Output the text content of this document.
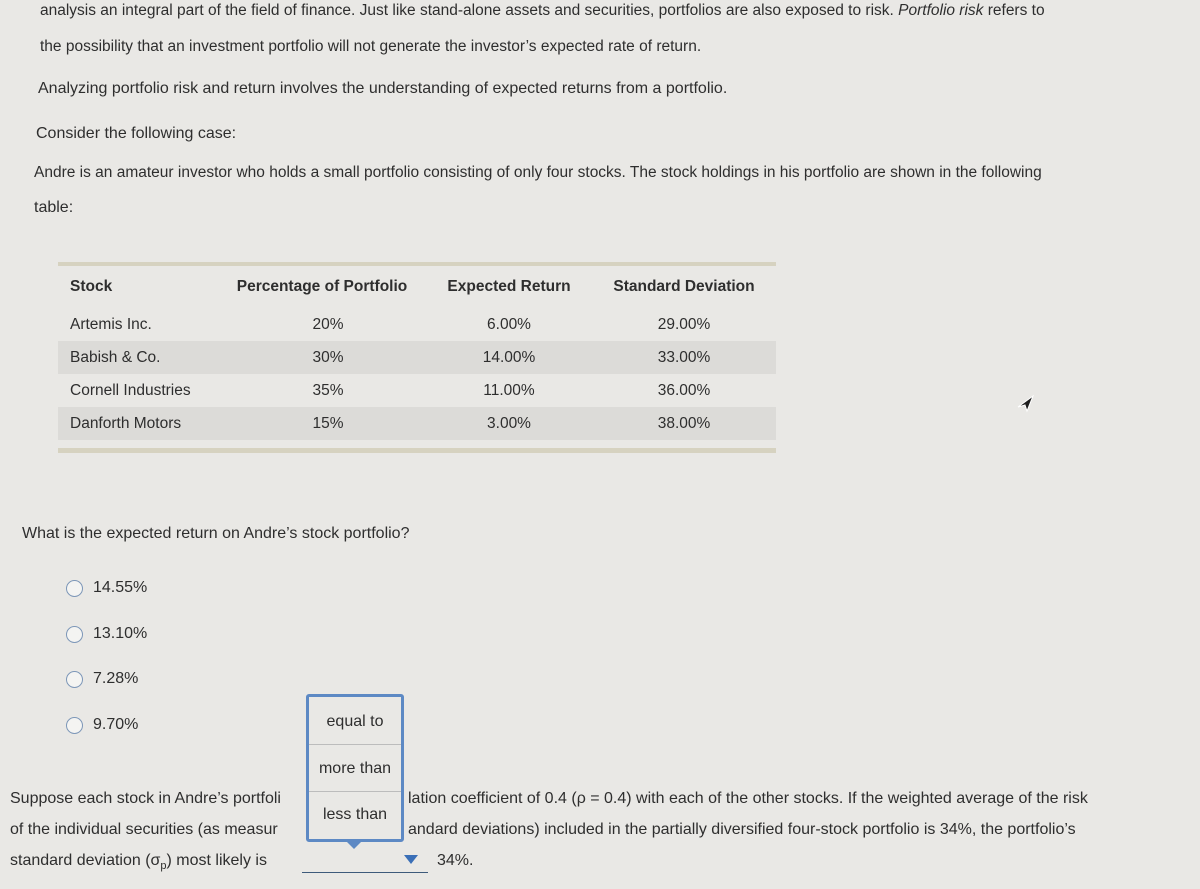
analysis an integral part of the field of finance. Just like stand-alone assets and securities, portfolios are also exposed to risk. Portfolio risk refers to
the possibility that an investment portfolio will not generate the investor’s expected rate of return.
Analyzing portfolio risk and return involves the understanding of expected returns from a portfolio.
Consider the following case:
Andre is an amateur investor who holds a small portfolio consisting of only four stocks. The stock holdings in his portfolio are shown in the following
table:
Stock	Percentage of Portfolio	Expected Return	Standard Deviation
Artemis Inc.	20%	6.00%	29.00%
Babish & Co.	30%	14.00%	33.00%
Cornell Industries	35%	11.00%	36.00%
Danforth Motors	15%	3.00%	38.00%
What is the expected return on Andre’s stock portfolio?
14.55%
13.10%
7.28%
9.70%
Suppose each stock in Andre’s portfoli	lation coefficient of 0.4 (ρ = 0.4) with each of the other stocks. If the weighted average of the risk
of the individual securities (as measur	andard deviations) included in the partially diversified four-stock portfolio is 34%, the portfolio’s
standard deviation $(\sigma_p)$ most likely is	34%.
equal to
more than
less than
